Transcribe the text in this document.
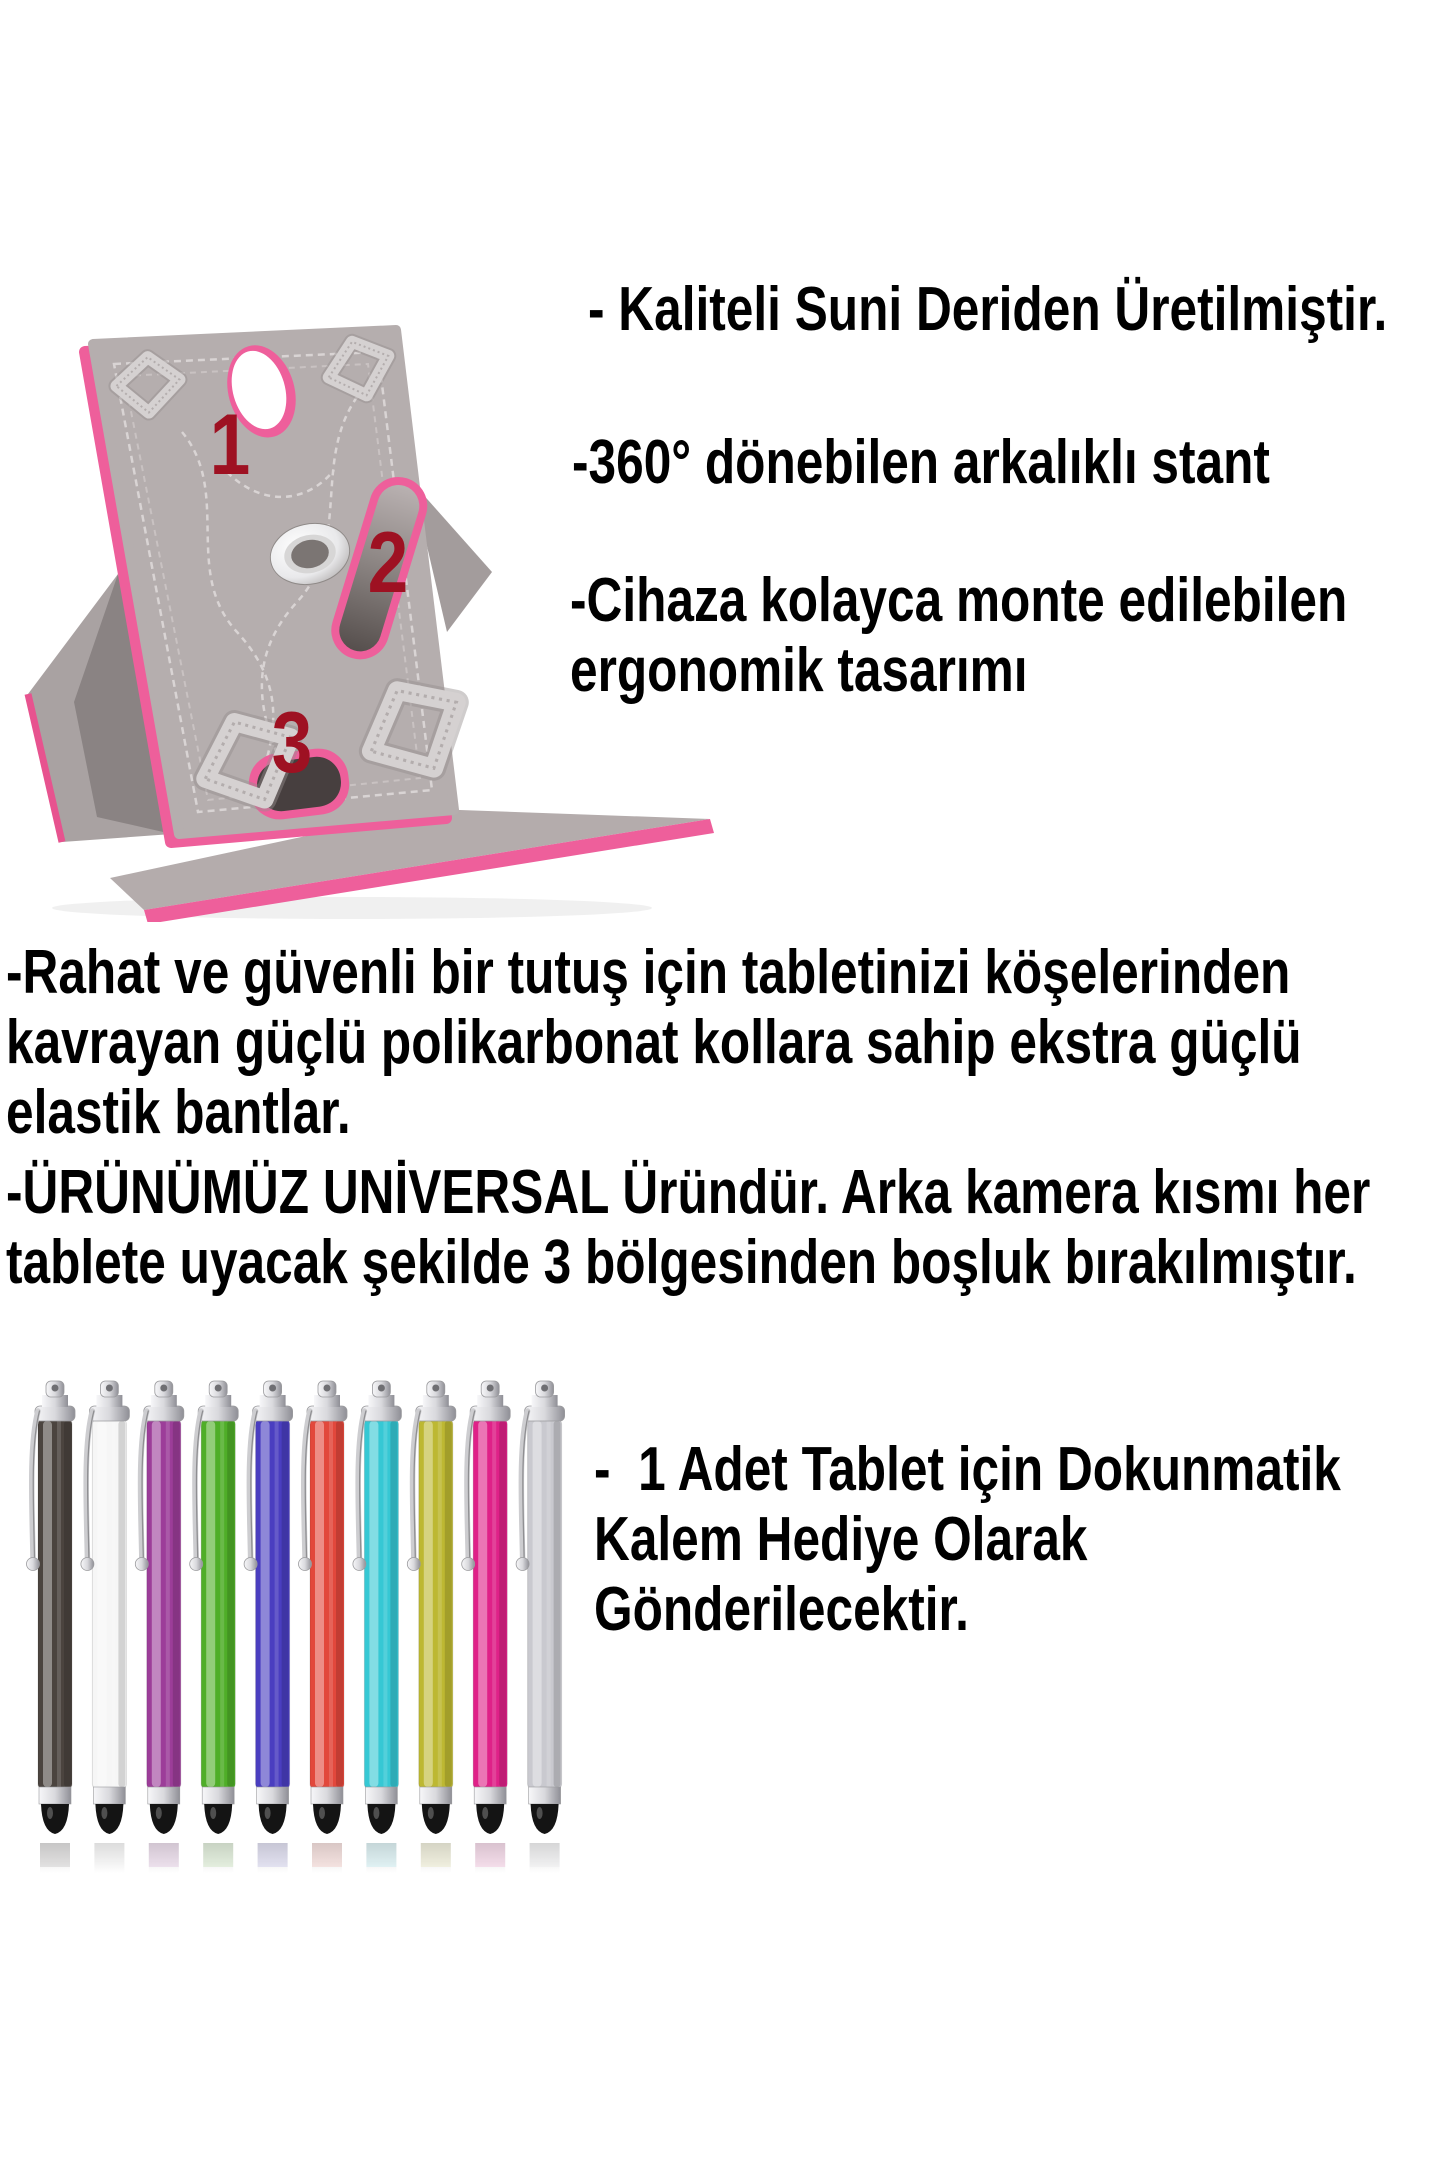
1
2
3
- Kaliteli Suni Deriden Üretilmiştir.
-360° dönebilen arkalıklı stant
-Cihaza kolayca monte edilebilen
ergonomik tasarımı
-Rahat ve güvenli bir tutuş için tabletinizi köşelerinden
kavrayan güçlü polikarbonat kollara sahip ekstra güçlü
elastik bantlar.
-ÜRÜNÜMÜZ UNİVERSAL Üründür. Arka kamera kısmı her
tablete uyacak şekilde 3 bölgesinden boşluk bırakılmıştır.
-  1 Adet Tablet için Dokunmatik
Kalem Hediye Olarak
Gönderilecektir.
